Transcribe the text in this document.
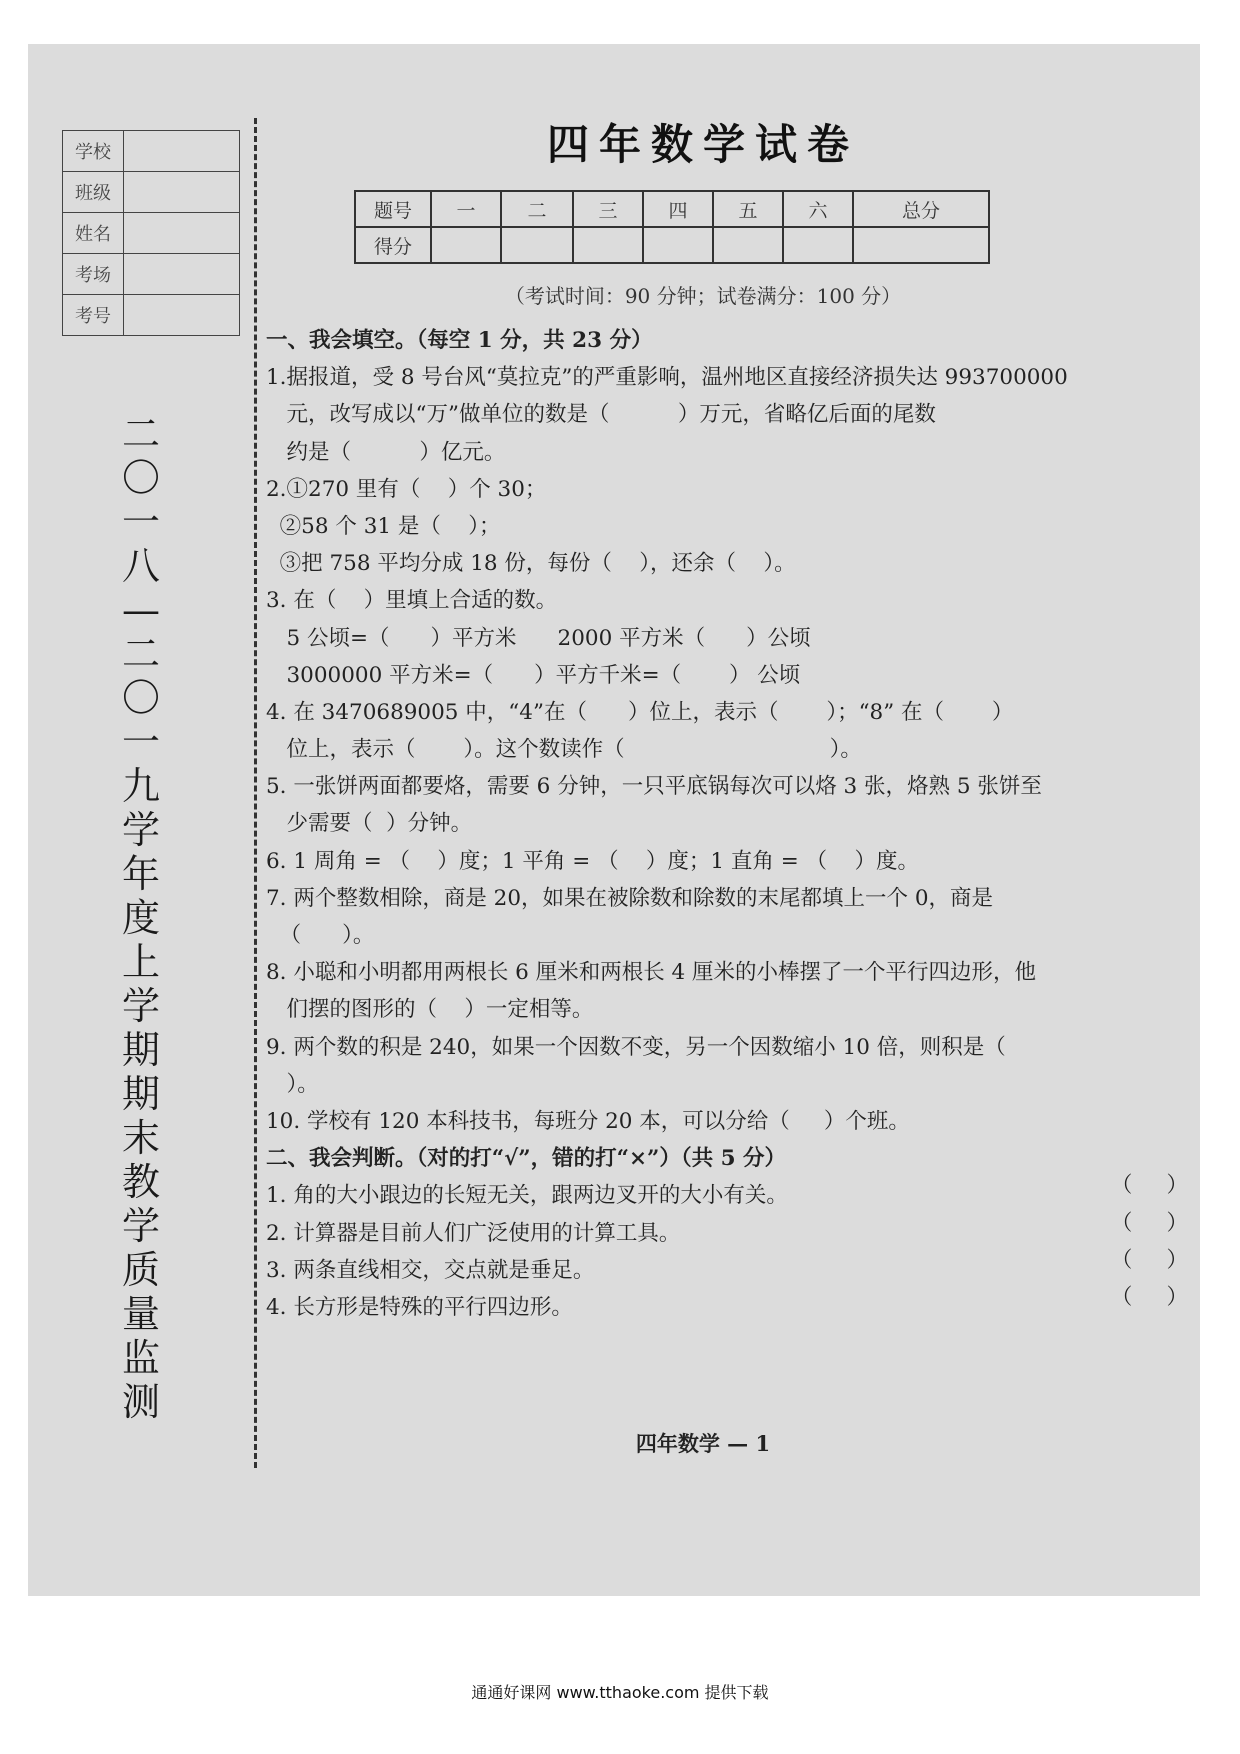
学校	
班级	
姓名	
考场	
考号	
二〇一八—二〇一九学年度上学期期末教学质量监测
四年数学试卷
题号	一	二	三	四	五	六	总分
得分							
（考试时间：90 分钟；试卷满分：100 分）
一、我会填空。（每空 1 分，共 23 分）
1.据报道，受 8 号台风“莫拉克”的严重影响，温州地区直接经济损失达 993700000
元，改写成以“万”做单位的数是（          ）万元，省略亿后面的尾数
约是（          ）亿元。
2.①270 里有（    ）个 30；
②58 个 31 是（    ）；
③把 758 平均分成 18 份，每份（    ），还余（    ）。
3. 在（    ）里填上合适的数。
5 公顷=（      ）平方米      2000 平方米（      ）公顷
3000000 平方米=（      ）平方千米=（       ） 公顷
4. 在 3470689005 中，“4”在（      ）位上，表示（       ）；“8” 在（       ）
位上，表示（       ）。这个数读作（                              ）。
5. 一张饼两面都要烙，需要 6 分钟，一只平底锅每次可以烙 3 张，烙熟 5 张饼至
少需要（  ）分钟。
6. 1 周角 = （    ）度；1 平角 = （    ）度；1 直角 = （    ）度。
7. 两个整数相除，商是 20，如果在被除数和除数的末尾都填上一个 0，商是
（      ）。
8. 小聪和小明都用两根长 6 厘米和两根长 4 厘米的小棒摆了一个平行四边形，他
们摆的图形的（    ）一定相等。
9. 两个数的积是 240，如果一个因数不变，另一个因数缩小 10 倍，则积是（
）。
10. 学校有 120 本科技书，每班分 20 本，可以分给（     ）个班。
二、我会判断。（对的打“√”，错的打“×”）（共 5 分）
1. 角的大小跟边的长短无关，跟两边叉开的大小有关。	（     ）
2. 计算器是目前人们广泛使用的计算工具。	（     ）
3. 两条直线相交，交点就是垂足。	（     ）
4. 长方形是特殊的平行四边形。	（     ）
四年数学 — 1
通通好课网 www.tthaoke.com 提供下载
